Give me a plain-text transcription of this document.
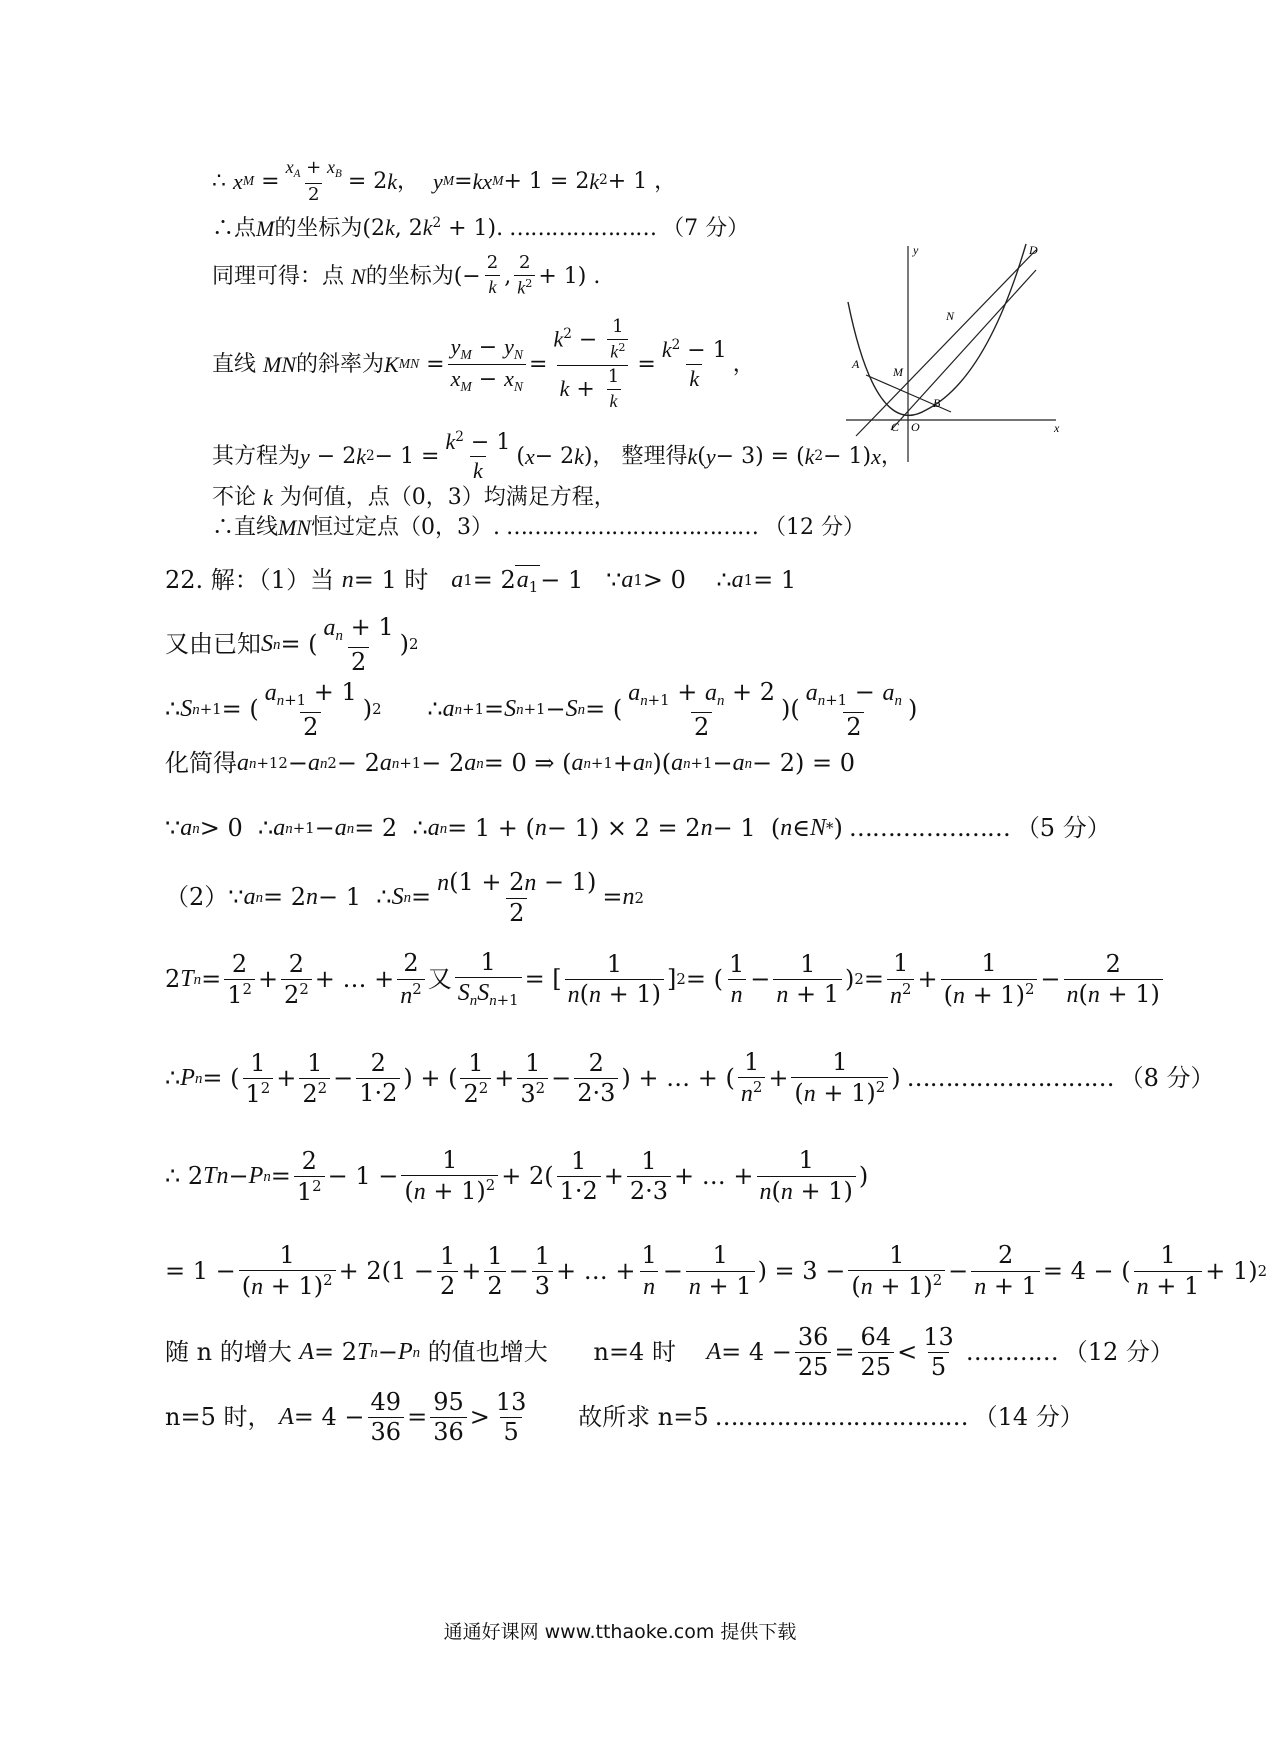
∴
x $M = \frac{x_A + x_B}{2} = 2$ k ， y M = kx M + 1 = 2 k 2 + 1 ，
∴点 M 的坐标为 (2k, $2k^2 + 1$) . ………………… （7 分）
同理可得：点
N 的坐标为 (− $\frac{2}{k}$ , $\frac{2}{k^2} + 1$) .
直线
MN 的斜率为 K MN = $\frac{y_M - y_N}{x_M - x_N} = \frac{k^2 - \frac{1}{k^2}}{k + \frac{1}{k}} = \frac{k^2 - 1}{k}$ ，
其方程为 y − 2 k $2 - 1 = \frac{k^2 - 1}{k}$ ( x − 2 k ) ， 整理得 k ( y − 3) = ( k 2 − 1) x ，
不论
k
为何值，点（0，3）均满足方程，
∴直线 MN 恒过定点（0，3）. ……………………………… （12 分）
y
x
D
N
A
M
B
C O
22. 解：（1）当
n = 1 时
a 1 = 2 $a_1 - 1$   ∵ a 1 > 0    ∴ a 1 = 1
又由已知 S n = ( $\frac{a_n + 1}{2}$ ) 2
∴ S n+1 = ( $\frac{a_{n+1} + 1}{2}$ ) 2 ∴ a n+1 = S n+1 − S n = ( $\frac{a_{n+1} + a_n + 2}{2}$ )( $\frac{a_{n+1} - a_n}{2}$ )
化简得 a n+1 2 − a n 2 − 2 a n+1 − 2 a n = 0 ⇒ ( a n+1 + a n )( a n+1 − a n − 2) = 0
∵ a n > 0  ∴ a n+1 − a n = 2  ∴ a n = 1 + ( n − 1) × 2 = 2 n − 1  ( n ∈ N * ) ………………… （5 分）
（2） ∵ a n = 2 n − 1  ∴ S $n = \frac{n(1 + 2n - 1)}{2} = n$ 2
2 T $n = \frac{2}{1^2} + \frac{2}{2^2}$ + … + $\frac{2}{n^2}$ 又 $\frac{1}{S_nS_{n+1}}$ = [ $\frac{1}{n(n + 1)}$ ] 2 = ( $\frac{1}{n} - \frac{1}{n + 1}$ ) $2 = \frac{1}{n^2} + \frac{1}{(n + 1)^2} - \frac{2}{n(n + 1)}$
∴ P n = ( $\frac{1}{1^2} + \frac{1}{2^2} - \frac{2}{1\cdot 2}$ ) + ( $\frac{1}{2^2} + \frac{1}{3^2} - \frac{2}{2\cdot 3}$ ) + … + ( $\frac{1}{n^2} + \frac{1}{(n + 1)^2}$ ) ……………………… （8 分）
∴ 2 Tn − P $n = \frac{2}{1^2} - 1 - \frac{1}{(n + 1)^2} + 2( \frac{1}{1\cdot 2} + \frac{1}{2\cdot 3}$ + … + $\frac{1}{n(n + 1)}$ )
= $1 - \frac{1}{(n + 1)^2} + 2(1 - \frac{1}{2} + \frac{1}{2} - \frac{1}{3}$ + … + $\frac{1}{n} - \frac{1}{n + 1}$ ) = $3 - \frac{1}{(n + 1)^2} - \frac{2}{n + 1} = 4$ − ( $\frac{1}{n + 1} + 1$) 2
随 n 的增大
A = 2 T n − P n
的值也增大
n=4 时
$A = 4 - \frac{36}{25} = \frac{64}{25} < \frac{13}{5}$ ………… （12 分）
n=5 时，
$A = 4 - \frac{49}{36} = \frac{95}{36} > \frac{13}{5}$
故所求 n=5 …………………………… （14 分）
通通好课网 www.tthaoke.com 提供下载
